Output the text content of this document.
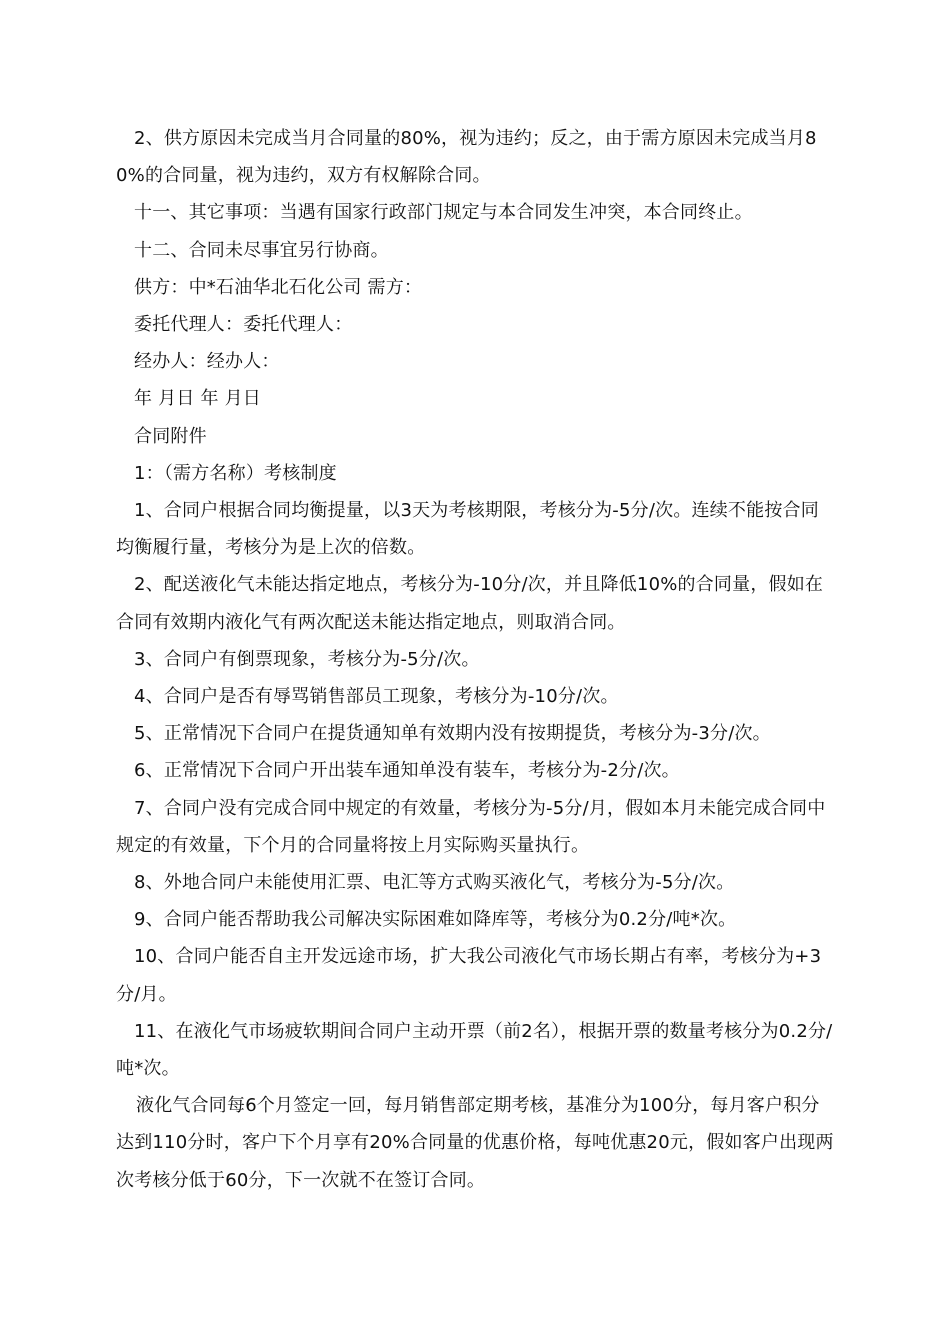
2、供方原因未完成当月合同量的80%，视为违约；反之，由于需方原因未完成当月80%的合同量，视为违约，双方有权解除合同。

十一、其它事项：当遇有国家行政部门规定与本合同发生冲突，本合同终止。

十二、合同未尽事宜另行协商。

供方：中*石油华北石化公司 需方：

委托代理人：委托代理人：

经办人：经办人：

年 月日 年 月日

合同附件

1：（需方名称）考核制度

1、合同户根据合同均衡提量，以3天为考核期限，考核分为-5分/次。连续不能按合同均衡履行量，考核分为是上次的倍数。

2、配送液化气未能达指定地点，考核分为-10分/次，并且降低10%的合同量，假如在合同有效期内液化气有两次配送未能达指定地点，则取消合同。

3、合同户有倒票现象，考核分为-5分/次。

4、合同户是否有辱骂销售部员工现象，考核分为-10分/次。

5、正常情况下合同户在提货通知单有效期内没有按期提货，考核分为-3分/次。

6、正常情况下合同户开出装车通知单没有装车，考核分为-2分/次。

7、合同户没有完成合同中规定的有效量，考核分为-5分/月，假如本月未能完成合同中规定的有效量，下个月的合同量将按上月实际购买量执行。

8、外地合同户未能使用汇票、电汇等方式购买液化气，考核分为-5分/次。

9、合同户能否帮助我公司解决实际困难如降库等，考核分为0.2分/吨*次。

10、合同户能否自主开发远途市场，扩大我公司液化气市场长期占有率，考核分为+3分/月。

11、在液化气市场疲软期间合同户主动开票（前2名），根据开票的数量考核分为0.2分/吨*次。

液化气合同每6个月签定一回，每月销售部定期考核，基准分为100分，每月客户积分达到110分时，客户下个月享有20%合同量的优惠价格，每吨优惠20元，假如客户出现两次考核分低于60分，下一次就不在签订合同。
